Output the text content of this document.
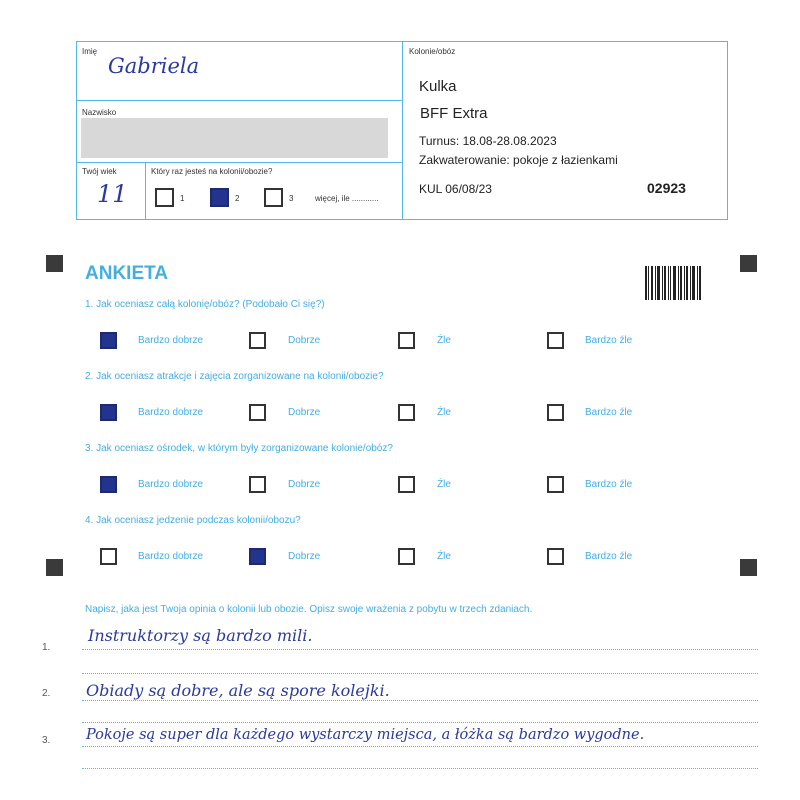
Imię
Gabriela
Nazwisko
Twój wiek
11
Który raz jesteś na kolonii/obozie?
1	2	3	więcej, ile ............
Kolonie/obóz
Kulka
BFF Extra
Turnus: 18.08-28.08.2023
Zakwaterowanie: pokoje z łazienkami
KUL 06/08/23	02923
ANKIETA
1. Jak oceniasz całą kolonię/obóz? (Podobało Ci się?)
Bardzo dobrze	Dobrze	Źle	Bardzo źle
2. Jak oceniasz atrakcje i zajęcia zorganizowane na kolonii/obozie?
Bardzo dobrze	Dobrze	Źle	Bardzo źle
3. Jak oceniasz ośrodek, w którym były zorganizowane kolonie/obóz?
Bardzo dobrze	Dobrze	Źle	Bardzo źle
4. Jak oceniasz jedzenie podczas kolonii/obozu?
Bardzo dobrze	Dobrze	Źle	Bardzo źle
Napisz, jaka jest Twoja opinia o kolonii lub obozie. Opisz swoje wrażenia z pobytu w trzech zdaniach.
1.
Instruktorzy są bardzo mili.
2. Obiady są dobre, ale są spore kolejki.
3. Pokoje są super dla każdego wystarczy miejsca, a łóżka są bardzo wygodne.
